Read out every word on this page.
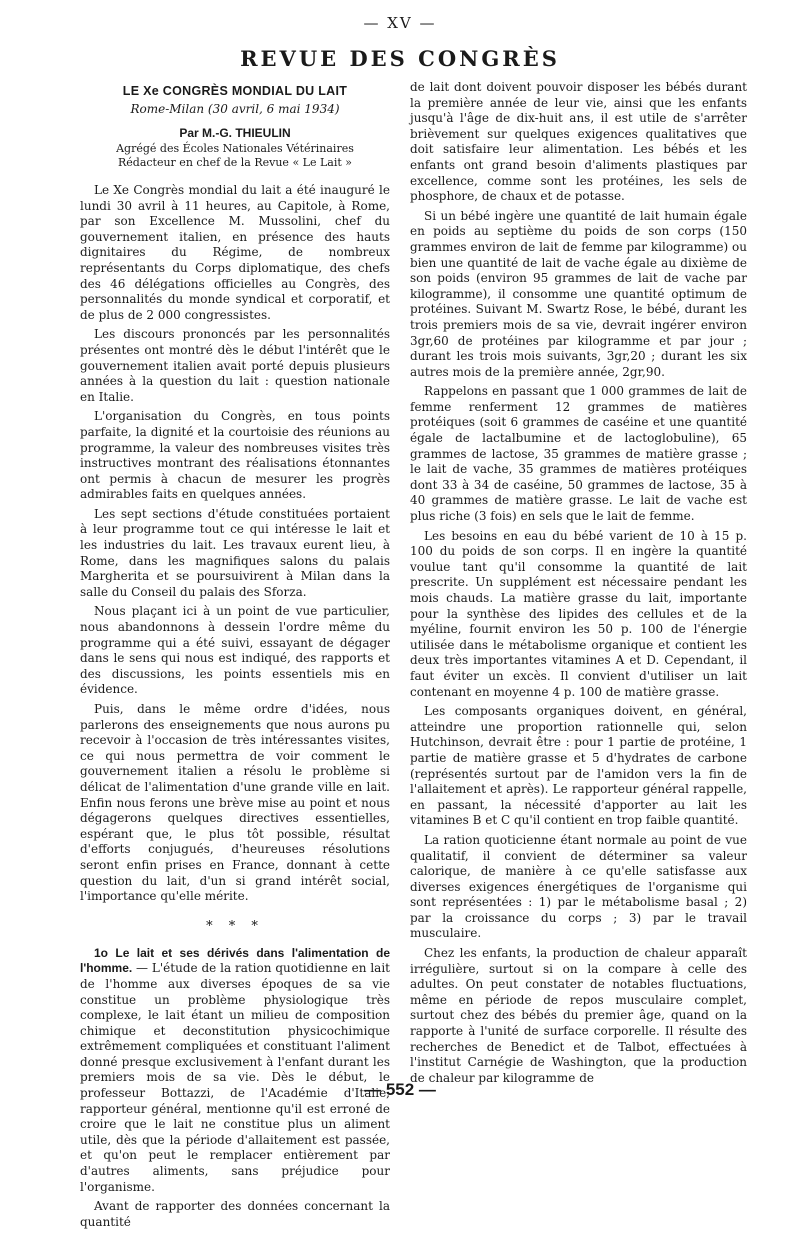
— XV —
REVUE DES CONGRÈS
LE Xe CONGRÈS MONDIAL DU LAIT
Rome-Milan (30 avril, 6 mai 1934)
Par M.-G. THIEULIN
Agrégé des Écoles Nationales Vétérinaires
Rédacteur en chef de la Revue « Le Lait »

Le Xe Congrès mondial du lait a été inauguré le lundi 30 avril à 11 heures, au Capitole, à Rome, par son Excellence M. Mussolini, chef du gouvernement italien, en présence des hauts dignitaires du Régime, de nombreux représentants du Corps diplomatique, des chefs des 46 délégations officielles au Congrès, des personnalités du monde syndical et corporatif, et de plus de 2 000 congressistes.

Les discours prononcés par les personnalités présentes ont montré dès le début l'intérêt que le gouvernement italien avait porté depuis plusieurs années à la question du lait : question nationale en Italie.

L'organisation du Congrès, en tous points parfaite, la dignité et la courtoisie des réunions au programme, la valeur des nombreuses visites très instructives montrant des réalisations étonnantes ont permis à chacun de mesurer les progrès admirables faits en quelques années.

Les sept sections d'étude constituées portaient à leur programme tout ce qui intéresse le lait et les industries du lait. Les travaux eurent lieu, à Rome, dans les magnifiques salons du palais Margherita et se poursuivirent à Milan dans la salle du Conseil du palais des Sforza.

Nous plaçant ici à un point de vue particulier, nous abandonnons à dessein l'ordre même du programme qui a été suivi, essayant de dégager dans le sens qui nous est indiqué, des rapports et des discussions, les points essentiels mis en évidence.

Puis, dans le même ordre d'idées, nous parlerons des enseignements que nous aurons pu recevoir à l'occasion de très intéressantes visites, ce qui nous permettra de voir comment le gouvernement italien a résolu le problème si délicat de l'alimentation d'une grande ville en lait. Enfin nous ferons une brève mise au point et nous dégagerons quelques directives essentielles, espérant que, le plus tôt possible, résultat d'efforts conjugués, d'heureuses résolutions seront enfin prises en France, donnant à cette question du lait, d'un si grand intérêt social, l'importance qu'elle mérite.

* * *

1o Le lait et ses dérivés dans l'alimentation de l'homme. — L'étude de la ration quotidienne en lait de l'homme aux diverses époques de sa vie constitue un problème physiologique très complexe, le lait étant un milieu de composition chimique et deconstitution physicochimique extrêmement compliquées et constituant l'aliment donné presque exclusivement à l'enfant durant les premiers mois de sa vie. Dès le début, le professeur Bottazzi, de l'Académie d'Italie, rapporteur général, mentionne qu'il est erroné de croire que le lait ne constitue plus un aliment utile, dès que la période d'allaitement est passée, et qu'on peut le remplacer entièrement par d'autres aliments, sans préjudice pour l'organisme.

Avant de rapporter des données concernant la quantité

de lait dont doivent pouvoir disposer les bébés durant la première année de leur vie, ainsi que les enfants jusqu'à l'âge de dix-huit ans, il est utile de s'arrêter brièvement sur quelques exigences qualitatives que doit satisfaire leur alimentation. Les bébés et les enfants ont grand besoin d'aliments plastiques par excellence, comme sont les protéines, les sels de phosphore, de chaux et de potasse.

Si un bébé ingère une quantité de lait humain égale en poids au septième du poids de son corps (150 grammes environ de lait de femme par kilogramme) ou bien une quantité de lait de vache égale au dixième de son poids (environ 95 grammes de lait de vache par kilogramme), il consomme une quantité optimum de protéines. Suivant M. Swartz Rose, le bébé, durant les trois premiers mois de sa vie, devrait ingérer environ 3gr,60 de protéines par kilogramme et par jour ; durant les trois mois suivants, 3gr,20 ; durant les six autres mois de la première année, 2gr,90.

Rappelons en passant que 1 000 grammes de lait de femme renferment 12 grammes de matières protéiques (soit 6 grammes de caséine et une quantité égale de lactalbumine et de lactoglobuline), 65 grammes de lactose, 35 grammes de matière grasse ; le lait de vache, 35 grammes de matières protéiques dont 33 à 34 de caséine, 50 grammes de lactose, 35 à 40 grammes de matière grasse. Le lait de vache est plus riche (3 fois) en sels que le lait de femme.

Les besoins en eau du bébé varient de 10 à 15 p. 100 du poids de son corps. Il en ingère la quantité voulue tant qu'il consomme la quantité de lait prescrite. Un supplément est nécessaire pendant les mois chauds. La matière grasse du lait, importante pour la synthèse des lipides des cellules et de la myéline, fournit environ les 50 p. 100 de l'énergie utilisée dans le métabolisme organique et contient les deux très importantes vitamines A et D. Cependant, il faut éviter un excès. Il convient d'utiliser un lait contenant en moyenne 4 p. 100 de matière grasse.

Les composants organiques doivent, en général, atteindre une proportion rationnelle qui, selon Hutchinson, devrait être : pour 1 partie de protéine, 1 partie de matière grasse et 5 d'hydrates de carbone (représentés surtout par de l'amidon vers la fin de l'allaitement et après). Le rapporteur général rappelle, en passant, la nécessité d'apporter au lait les vitamines B et C qu'il contient en trop faible quantité.

La ration quoticienne étant normale au point de vue qualitatif, il convient de déterminer sa valeur calorique, de manière à ce qu'elle satisfasse aux diverses exigences énergétiques de l'organisme qui sont représentées : 1) par le métabolisme basal ; 2) par la croissance du corps ; 3) par le travail musculaire.

Chez les enfants, la production de chaleur apparaît irrégulière, surtout si on la compare à celle des adultes. On peut constater de notables fluctuations, même en période de repos musculaire complet, surtout chez des bébés du premier âge, quand on la rapporte à l'unité de surface corporelle. Il résulte des recherches de Benedict et de Talbot, effectuées à l'institut Carnégie de Washington, que la production de chaleur par kilogramme de

— 552 —
